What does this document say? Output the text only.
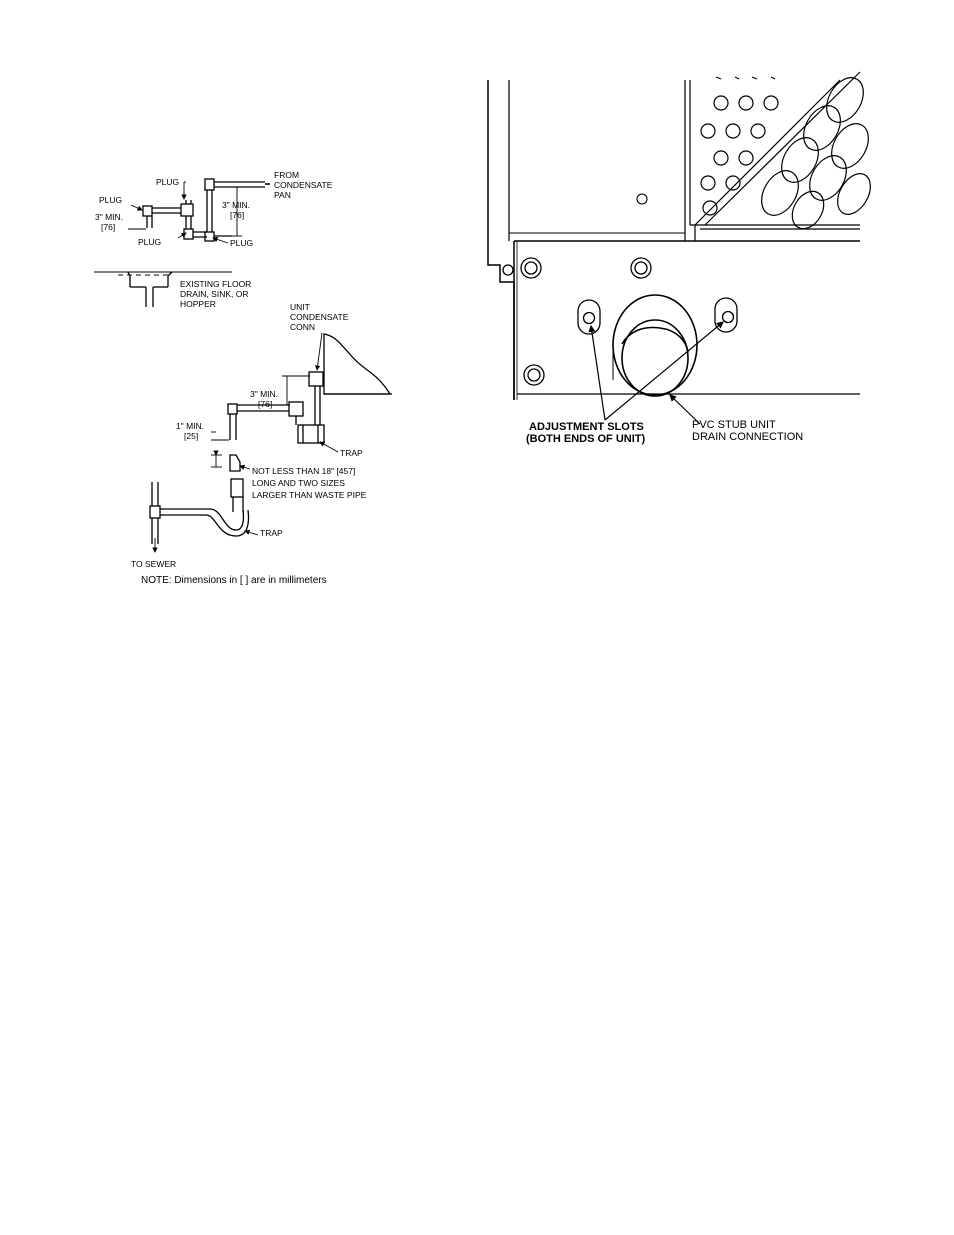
PLUG
FROM
CONDENSATE
PAN
PLUG	3" MIN.
[76]
3" MIN.
[76]
PLUG	PLUG
EXISTING FLOOR
DRAIN, SINK, OR
HOPPER	UNIT
CONDENSATE
CONN
3" MIN.
[76]
1" MIN.
[25]
TRAP
NOT LESS THAN 18" [457]
LONG AND TWO SIZES
LARGER THAN WASTE PIPE
TRAP
TO SEWER
NOTE: Dimensions in [ ] are in millimeters
ADJUSTMENT SLOTS
(BOTH ENDS OF UNIT)
PVC STUB UNIT
DRAIN CONNECTION
